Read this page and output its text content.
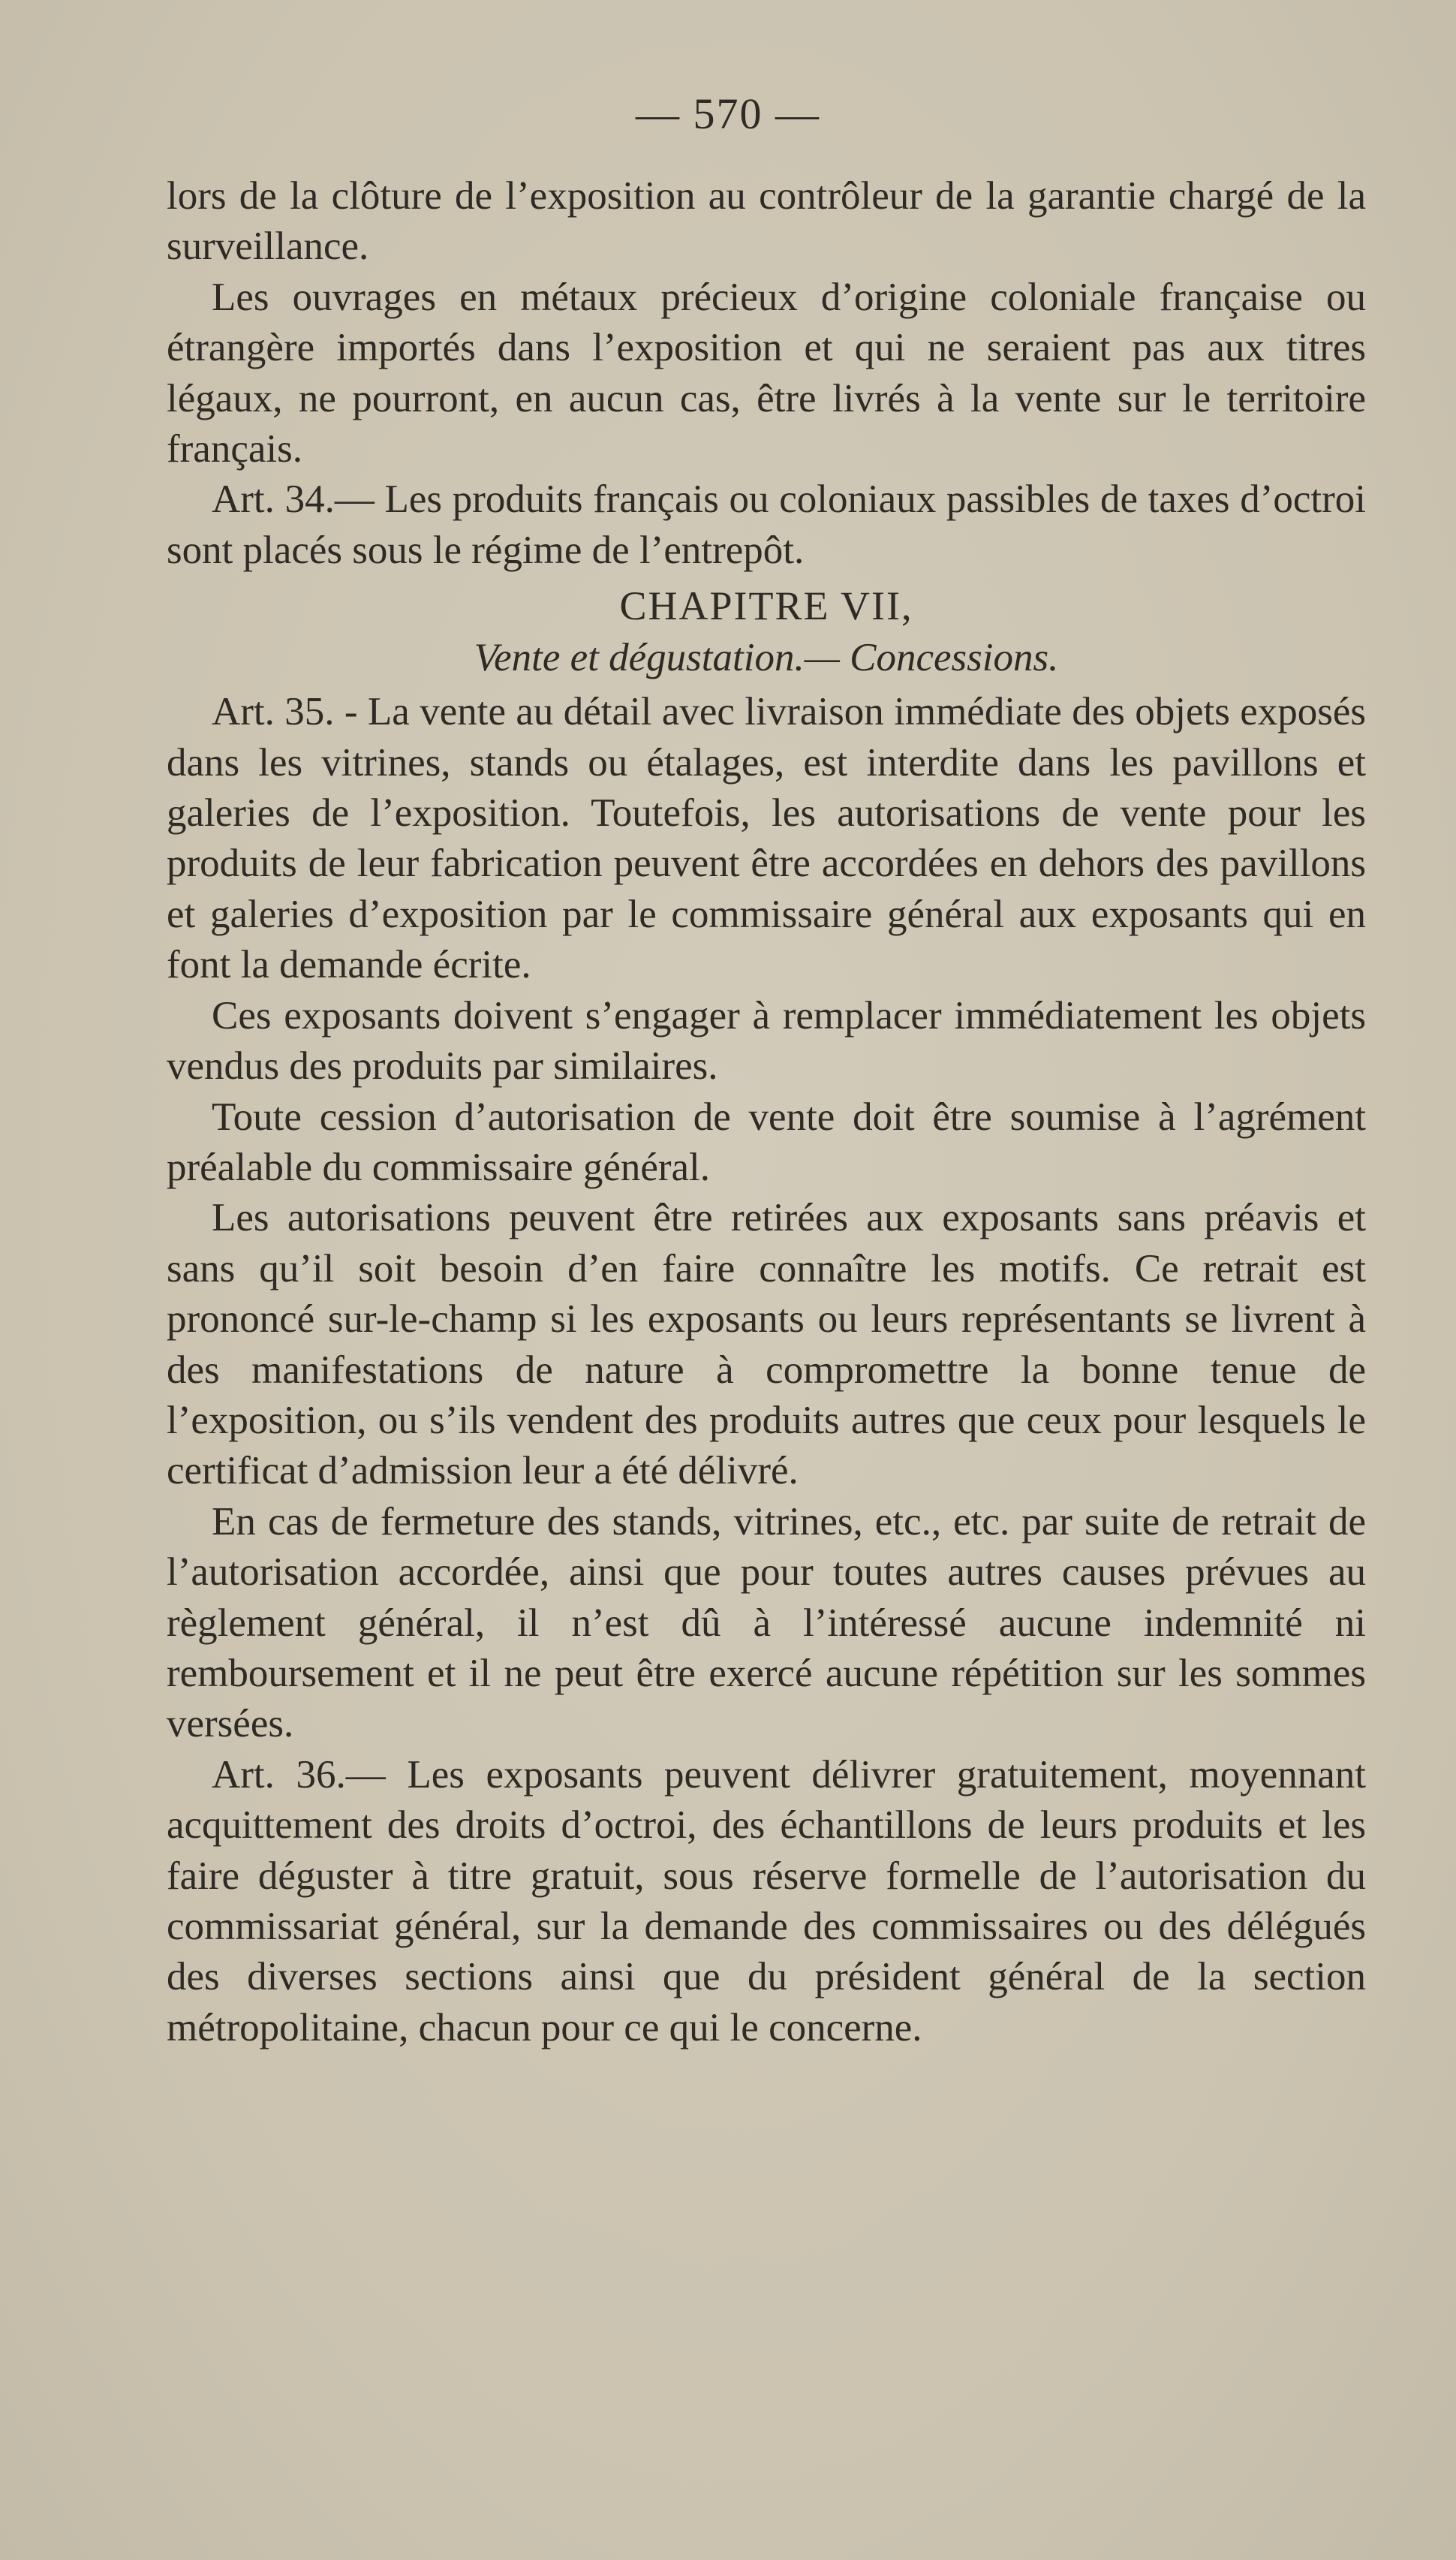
— 570 —

lors de la clôture de l’exposition au contrôleur de la garantie chargé de la surveillance.

Les ouvrages en métaux précieux d’origine coloniale française ou étrangère importés dans l’exposition et qui ne seraient pas aux titres légaux, ne pourront, en aucun cas, être livrés à la vente sur le territoire français.

Art. 34.— Les produits français ou coloniaux passibles de taxes d’octroi sont placés sous le régime de l’entrepôt.

CHAPITRE VII,
Vente et dégustation.— Concessions.

Art. 35. - La vente au détail avec livraison immédiate des objets exposés dans les vitrines, stands ou étalages, est interdite dans les pavillons et galeries de l’exposition. Toutefois, les autorisations de vente pour les produits de leur fabrication peuvent être accordées en dehors des pavillons et galeries d’exposition par le commissaire général aux exposants qui en font la demande écrite.

Ces exposants doivent s’engager à remplacer immédiatement les objets vendus des produits par similaires.

Toute cession d’autorisation de vente doit être soumise à l’agrément préalable du commissaire général.

Les autorisations peuvent être retirées aux exposants sans préavis et sans qu’il soit besoin d’en faire connaître les motifs. Ce retrait est prononcé sur-le-champ si les exposants ou leurs représentants se livrent à des manifestations de nature à compromettre la bonne tenue de l’exposition, ou s’ils vendent des produits autres que ceux pour lesquels le certificat d’admission leur a été délivré.

En cas de fermeture des stands, vitrines, etc., etc. par suite de retrait de l’autorisation accordée, ainsi que pour toutes autres causes prévues au règlement général, il n’est dû à l’intéressé aucune indemnité ni remboursement et il ne peut être exercé aucune répétition sur les sommes versées.

Art. 36.— Les exposants peuvent délivrer gratuitement, moyennant acquittement des droits d’octroi, des échantillons de leurs produits et les faire déguster à titre gratuit, sous réserve formelle de l’autorisation du commissariat général, sur la demande des commissaires ou des délégués des diverses sections ainsi que du président général de la section métropolitaine, chacun pour ce qui le concerne.
